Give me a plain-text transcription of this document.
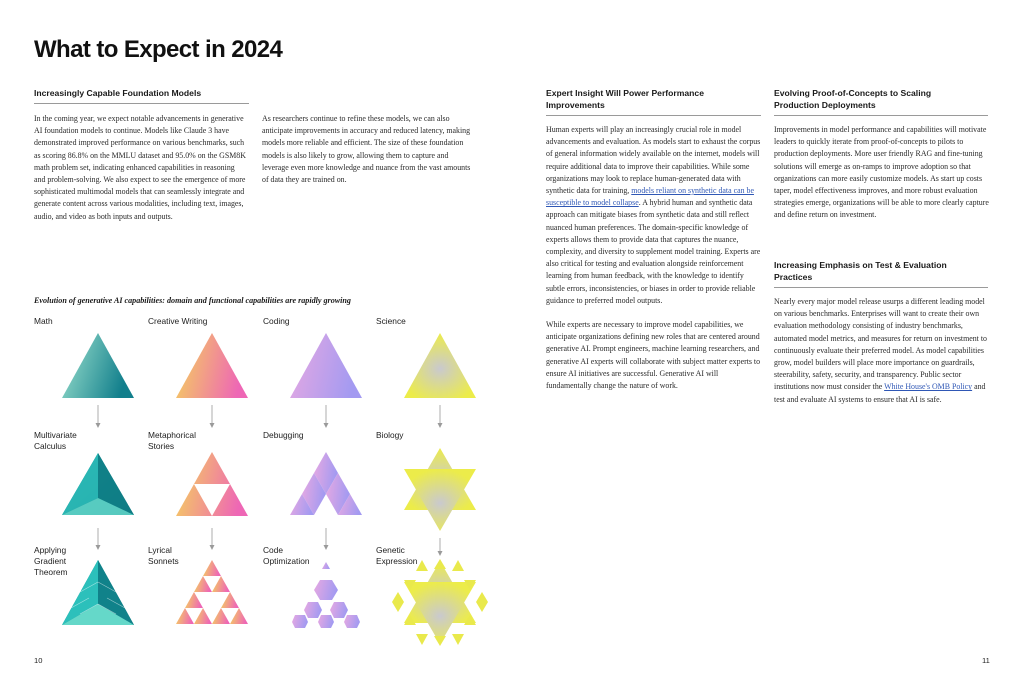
What to Expect in 2024
Increasingly Capable Foundation Models

In the coming year, we expect notable advancements in generative AI foundation models to continue. Models like Claude 3 have demonstrated improved performance on various benchmarks, such as scoring 86.8% on the MMLU dataset and 95.0% on the GSM8K math problem set, indicating enhanced capabilities in reasoning and problem-solving. We also expect to see the emergence of more sophisticated multimodal models that can seamlessly integrate and generate content across various modalities, including text, images, audio, and video as both inputs and outputs.

As researchers continue to refine these models, we can also anticipate improvements in accuracy and reduced latency, making models more reliable and efficient. The size of these foundation models is also likely to grow, allowing them to capture and leverage even more knowledge and nuance from the vast amounts of data they are trained on.

Evolution of generative AI capabilities: domain and functional capabilities are rapidly growing
Math	Creative Writing	Coding	Science
Multivariate Calculus
Metaphorical Stories
Debugging	Biology
Applying Gradient Theorem
Lyrical Sonnets
Code Optimization
Genetic Expression
Expert Insight Will Power Performance Improvements

Human experts will play an increasingly crucial role in model advancements and evaluation. As models start to exhaust the corpus of general information widely available on the internet, models will require additional data to improve their capabilities. While some organizations may look to replace human-generated data with synthetic data for training, models reliant on synthetic data can be susceptible to model collapse. A hybrid human and synthetic data approach can mitigate biases from synthetic data and still reflect nuanced human preferences. The domain-specific knowledge of experts allows them to provide data that captures the nuance, complexity, and diversity to supplement model training. Experts are also critical for testing and evaluation alongside reinforcement learning from human feedback, with the knowledge to identify subtle errors, inconsistencies, or biases in order to provide reliable guidance to preferred model outputs.

While experts are necessary to improve model capabilities, we anticipate organizations defining new roles that are centered around generative AI. Prompt engineers, machine learning researchers, and generative AI experts will collaborate with subject matter experts to ensure AI initiatives are successful. Generative AI will fundamentally change the nature of work.

Evolving Proof-of-Concepts to Scaling Production Deployments

Improvements in model performance and capabilities will motivate leaders to quickly iterate from proof-of-concepts to pilots to production deployments. More user friendly RAG and fine-tuning solutions will emerge as on-ramps to improve adoption so that organizations can more easily customize models. As start up costs taper, model effectiveness improves, and more robust evaluation strategies emerge, organizations will be able to more clearly capture and define return on investment.

Increasing Emphasis on Test & Evaluation Practices

Nearly every major model release usurps a different leading model on various benchmarks. Enterprises will want to create their own evaluation methodology consisting of industry benchmarks, automated model metrics, and measures for return on investment to continuously evaluate their preferred model. As model capabilities grow, model builders will place more importance on guardrails, steerability, safety, security, and transparency. Public sector institutions now must consider the White House's OMB Policy and test and evaluate AI systems to ensure that AI is safe.

10	11
